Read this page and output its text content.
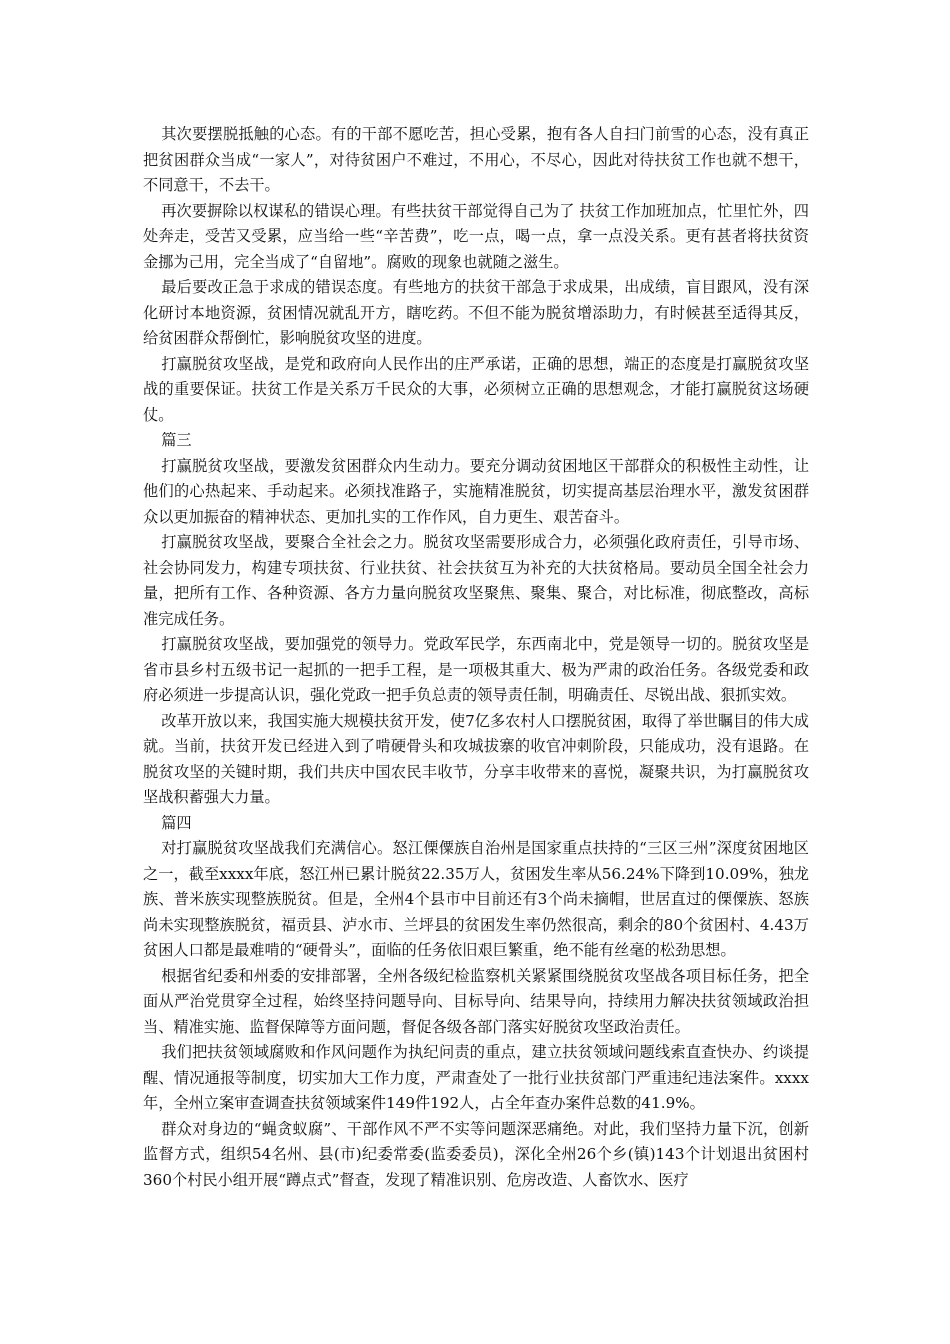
其次要摆脱抵触的心态。有的干部不愿吃苦，担心受累，抱有各人自扫门前雪的心态，没有真正把贫困群众当成“一家人”，对待贫困户不难过，不用心，不尽心，因此对待扶贫工作也就不想干，不同意干，不去干。

再次要摒除以权谋私的错误心理。有些扶贫干部觉得自己为了 扶贫工作加班加点，忙里忙外，四处奔走，受苦又受累，应当给一些“辛苦费”，吃一点，喝一点，拿一点没关系。更有甚者将扶贫资金挪为己用，完全当成了“自留地”。腐败的现象也就随之滋生。

最后要改正急于求成的错误态度。有些地方的扶贫干部急于求成果，出成绩，盲目跟风，没有深化研讨本地资源，贫困情况就乱开方，瞎吃药。不但不能为脱贫增添助力，有时候甚至适得其反，给贫困群众帮倒忙，影响脱贫攻坚的进度。

打赢脱贫攻坚战，是党和政府向人民作出的庄严承诺，正确的思想，端正的态度是打赢脱贫攻坚战的重要保证。扶贫工作是关系万千民众的大事，必须树立正确的思想观念，才能打赢脱贫这场硬仗。

篇三

打赢脱贫攻坚战，要激发贫困群众内生动力。要充分调动贫困地区干部群众的积极性主动性，让他们的心热起来、手动起来。必须找准路子，实施精准脱贫，切实提高基层治理水平，激发贫困群众以更加振奋的精神状态、更加扎实的工作作风，自力更生、艰苦奋斗。

打赢脱贫攻坚战，要聚合全社会之力。脱贫攻坚需要形成合力，必须强化政府责任，引导市场、社会协同发力，构建专项扶贫、行业扶贫、社会扶贫互为补充的大扶贫格局。要动员全国全社会力量，把所有工作、各种资源、各方力量向脱贫攻坚聚焦、聚集、聚合，对比标准，彻底整改，高标准完成任务。

打赢脱贫攻坚战，要加强党的领导力。党政军民学，东西南北中，党是领导一切的。脱贫攻坚是省市县乡村五级书记一起抓的一把手工程，是一项极其重大、极为严肃的政治任务。各级党委和政府必须进一步提高认识，强化党政一把手负总责的领导责任制，明确责任、尽锐出战、狠抓实效。

改革开放以来，我国实施大规模扶贫开发，使7亿多农村人口摆脱贫困，取得了举世瞩目的伟大成就。当前，扶贫开发已经进入到了啃硬骨头和攻城拔寨的收官冲刺阶段，只能成功，没有退路。在脱贫攻坚的关键时期，我们共庆中国农民丰收节，分享丰收带来的喜悦，凝聚共识，为打赢脱贫攻坚战积蓄强大力量。

篇四

对打赢脱贫攻坚战我们充满信心。怒江傈僳族自治州是国家重点扶持的“三区三州”深度贫困地区之一，截至xxxx年底，怒江州已累计脱贫22.35万人，贫困发生率从56.24%下降到10.09%，独龙族、普米族实现整族脱贫。但是，全州4个县市中目前还有3个尚未摘帽，世居直过的傈僳族、怒族尚未实现整族脱贫，福贡县、泸水市、兰坪县的贫困发生率仍然很高，剩余的80个贫困村、4.43万贫困人口都是最难啃的“硬骨头”，面临的任务依旧艰巨繁重，绝不能有丝毫的松劲思想。

根据省纪委和州委的安排部署，全州各级纪检监察机关紧紧围绕脱贫攻坚战各项目标任务，把全面从严治党贯穿全过程，始终坚持问题导向、目标导向、结果导向，持续用力解决扶贫领域政治担当、精准实施、监督保障等方面问题，督促各级各部门落实好脱贫攻坚政治责任。

我们把扶贫领域腐败和作风问题作为执纪问责的重点，建立扶贫领域问题线索直查快办、约谈提醒、情况通报等制度，切实加大工作力度，严肃查处了一批行业扶贫部门严重违纪违法案件。xxxx年，全州立案审查调查扶贫领域案件149件192人，占全年查办案件总数的41.9%。

群众对身边的“蝇贪蚁腐”、干部作风不严不实等问题深恶痛绝。对此，我们坚持力量下沉，创新监督方式，组织54名州、县(市)纪委常委(监委委员)，深化全州26个乡(镇)143个计划退出贫困村360个村民小组开展“蹲点式”督查，发现了精准识别、危房改造、人畜饮水、医疗
